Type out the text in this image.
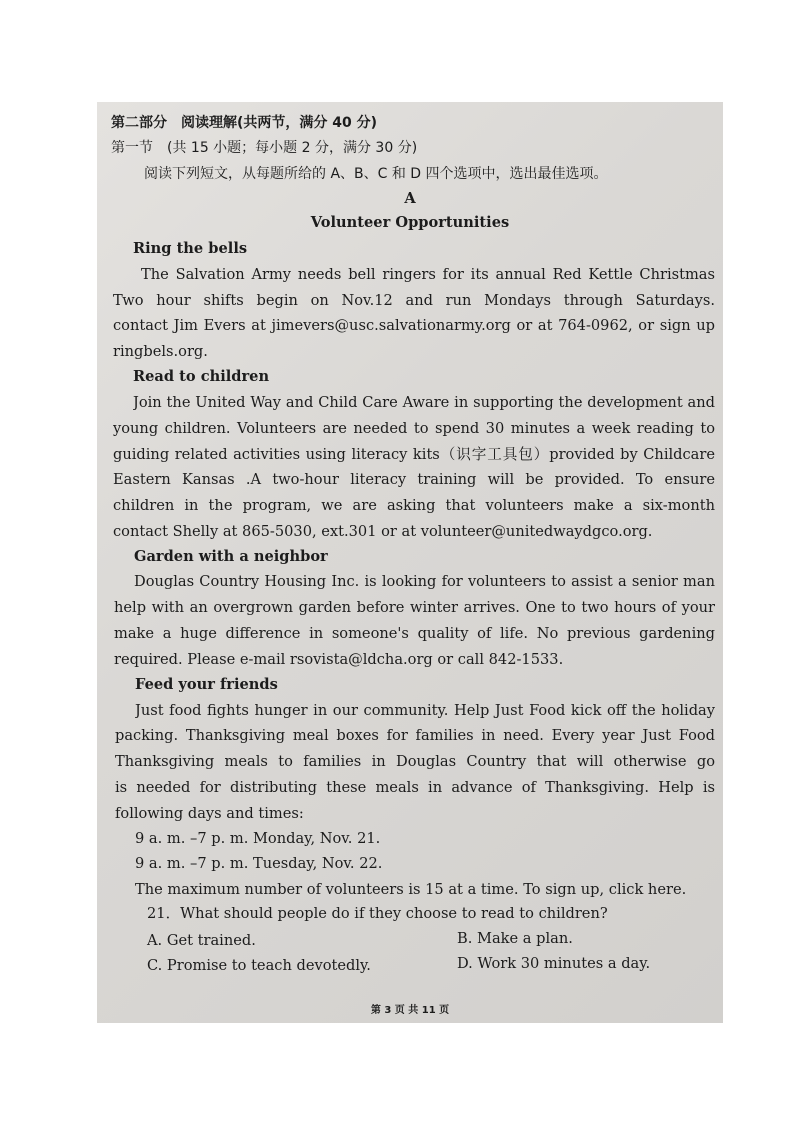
第二部分　阅读理解(共两节，满分 40 分)
第一节　(共 15 小题；每小题 2 分，满分 30 分)
阅读下列短文，从每题所给的 A、B、C 和 D 四个选项中，选出最佳选项。
A
Volunteer Opportunities
Ring the bells
The Salvation Army needs bell ringers for its annual Red Kettle Christmas
Two hour shifts begin on Nov.12 and run Mondays through Saturdays.
contact Jim Evers at jimevers@usc.salvationarmy.org or at 764-0962, or sign up
ringbels.org.
Read to children
Join the United Way and Child Care Aware in supporting the development and
young children. Volunteers are needed to spend 30 minutes a week reading to
guiding related activities using literacy kits（识字工具包）provided by Childcare
Eastern Kansas .A two-hour literacy training will be provided. To ensure
children in the program, we are asking that volunteers make a six-month
contact Shelly at 865-5030, ext.301 or at volunteer@unitedwaydgco.org.
Garden with a neighbor
Douglas Country Housing Inc. is looking for volunteers to assist a senior man
help with an overgrown garden before winter arrives. One to two hours of your
make a huge difference in someone's quality of life. No previous gardening
required. Please e-mail rsovista@ldcha.org or call 842-1533.
Feed your friends
Just food fights hunger in our community. Help Just Food kick off the holiday
packing. Thanksgiving meal boxes for families in need. Every year Just Food
Thanksgiving meals to families in Douglas Country that will otherwise go
is needed for distributing these meals in advance of Thanksgiving. Help is
following days and times:
9 a. m. –7 p. m. Monday, Nov. 21.
9 a. m. –7 p. m. Tuesday, Nov. 22.
The maximum number of volunteers is 15 at a time. To sign up, click here.
21．What should people do if they choose to read to children?
A. Get trained.	B. Make a plan.
C. Promise to teach devotedly.	D. Work 30 minutes a day.
第 3 页 共 11 页
